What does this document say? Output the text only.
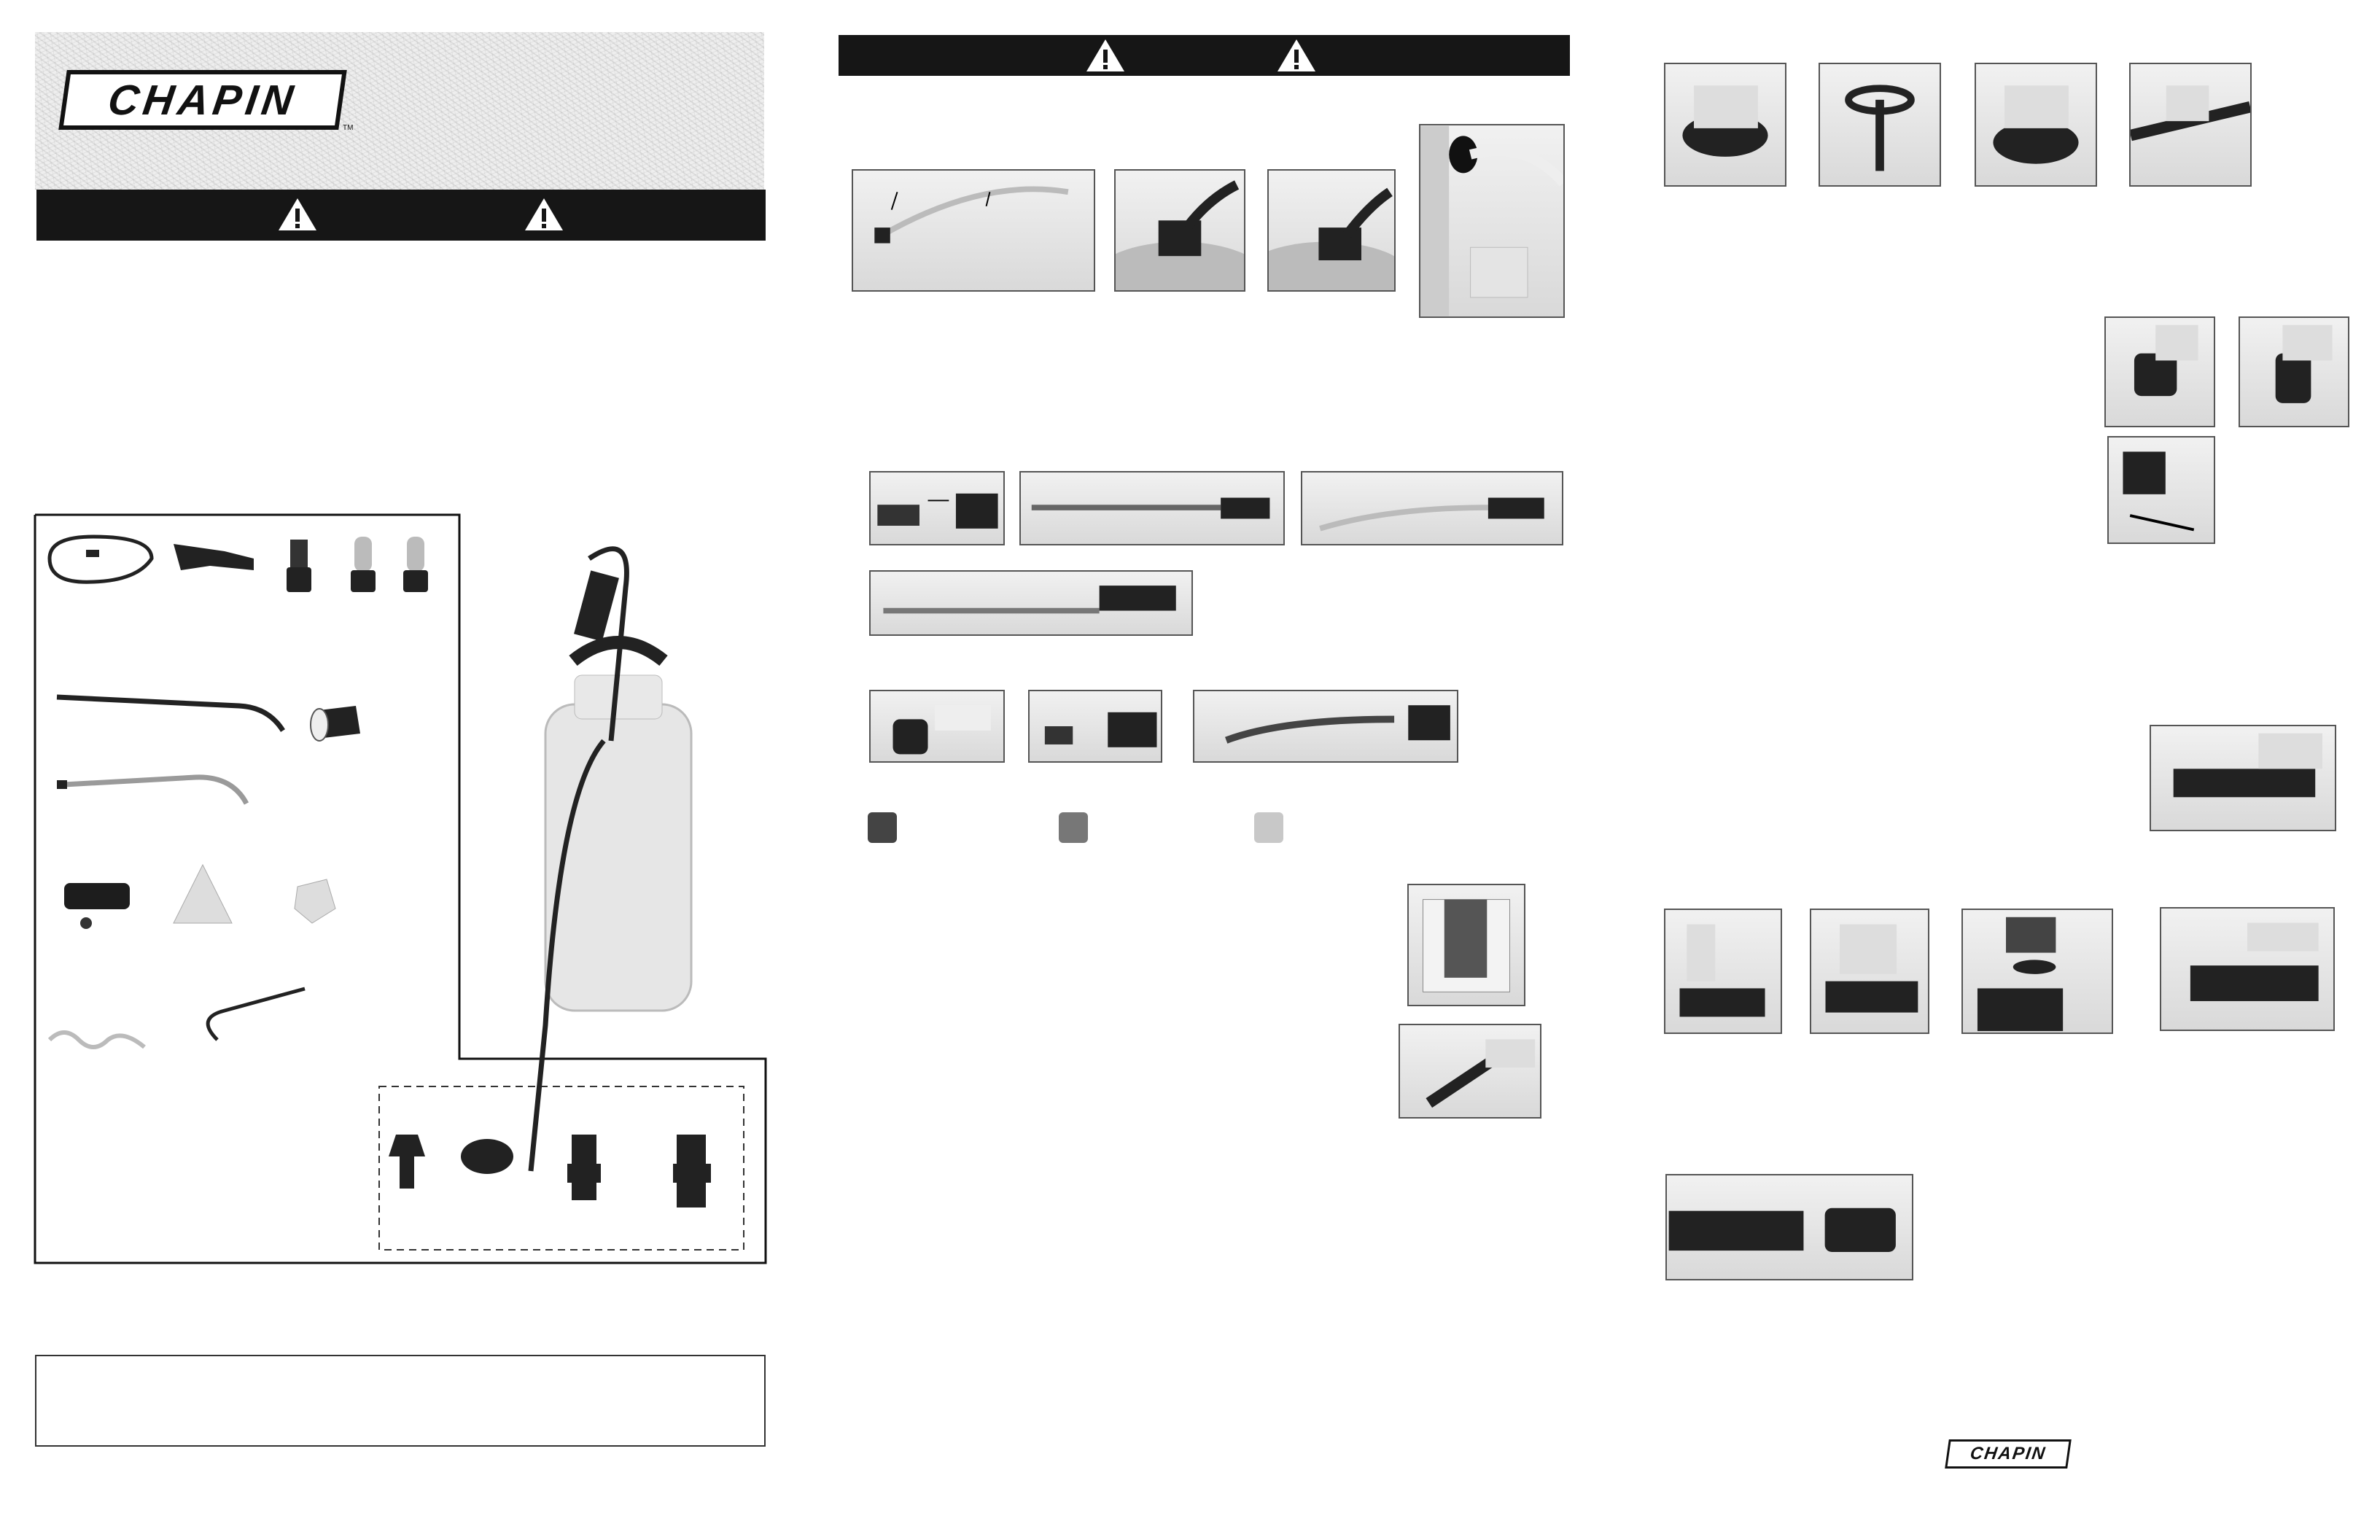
CHAPIN
TM
CHAPIN
